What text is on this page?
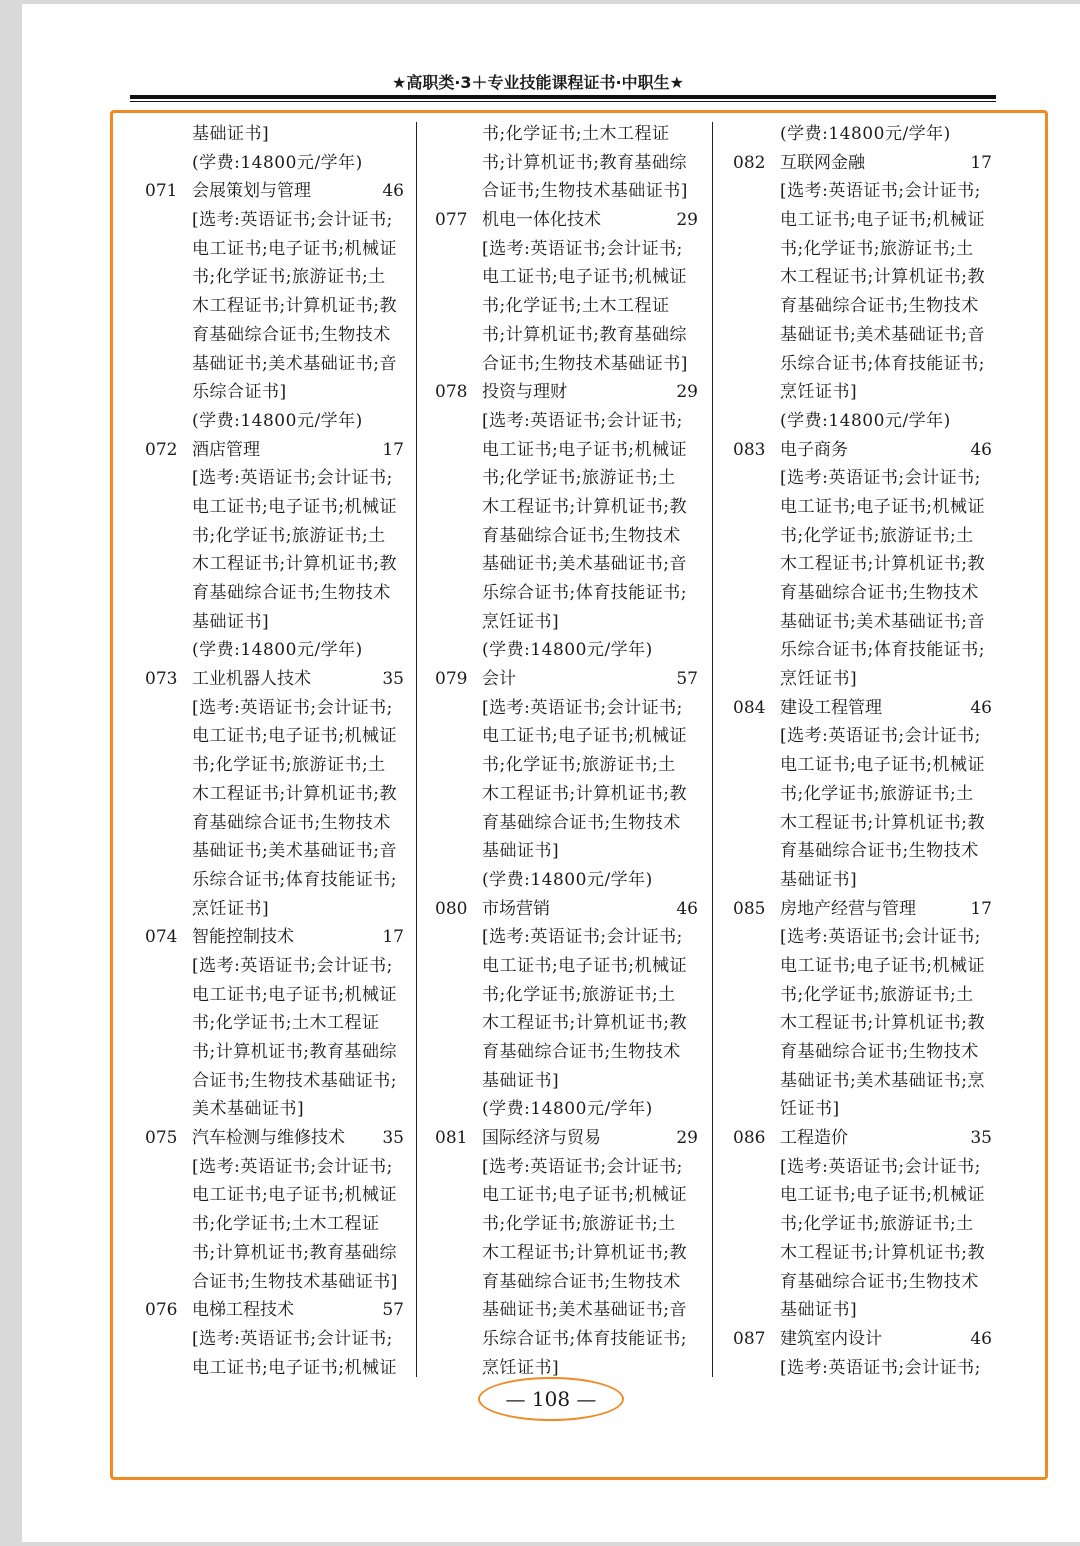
★高职类·3＋专业技能课程证书·中职生★
基础证书]
(学费:14800元/学年)
071 会展策划与管理	46
[选考:英语证书;会计证书;
电工证书;电子证书;机械证
书;化学证书;旅游证书;土
木工程证书;计算机证书;教
育基础综合证书;生物技术
基础证书;美术基础证书;音
乐综合证书]
(学费:14800元/学年)
072 酒店管理	17
[选考:英语证书;会计证书;
电工证书;电子证书;机械证
书;化学证书;旅游证书;土
木工程证书;计算机证书;教
育基础综合证书;生物技术
基础证书]
(学费:14800元/学年)
073 工业机器人技术	35
[选考:英语证书;会计证书;
电工证书;电子证书;机械证
书;化学证书;旅游证书;土
木工程证书;计算机证书;教
育基础综合证书;生物技术
基础证书;美术基础证书;音
乐综合证书;体育技能证书;
烹饪证书]
074 智能控制技术	17
[选考:英语证书;会计证书;
电工证书;电子证书;机械证
书;化学证书;土木工程证
书;计算机证书;教育基础综
合证书;生物技术基础证书;
美术基础证书]
075 汽车检测与维修技术 35
[选考:英语证书;会计证书;
电工证书;电子证书;机械证
书;化学证书;土木工程证
书;计算机证书;教育基础综
合证书;生物技术基础证书]
076 电梯工程技术	57
[选考:英语证书;会计证书;
电工证书;电子证书;机械证
书;化学证书;土木工程证
书;计算机证书;教育基础综
合证书;生物技术基础证书]
077 机电一体化技术	29
[选考:英语证书;会计证书;
电工证书;电子证书;机械证
书;化学证书;土木工程证
书;计算机证书;教育基础综
合证书;生物技术基础证书]
078 投资与理财	29
[选考:英语证书;会计证书;
电工证书;电子证书;机械证
书;化学证书;旅游证书;土
木工程证书;计算机证书;教
育基础综合证书;生物技术
基础证书;美术基础证书;音
乐综合证书;体育技能证书;
烹饪证书]
(学费:14800元/学年)
079 会计	57
[选考:英语证书;会计证书;
电工证书;电子证书;机械证
书;化学证书;旅游证书;土
木工程证书;计算机证书;教
育基础综合证书;生物技术
基础证书]
(学费:14800元/学年)
080 市场营销	46
[选考:英语证书;会计证书;
电工证书;电子证书;机械证
书;化学证书;旅游证书;土
木工程证书;计算机证书;教
育基础综合证书;生物技术
基础证书]
(学费:14800元/学年)
081 国际经济与贸易	29
[选考:英语证书;会计证书;
电工证书;电子证书;机械证
书;化学证书;旅游证书;土
木工程证书;计算机证书;教
育基础综合证书;生物技术
基础证书;美术基础证书;音
乐综合证书;体育技能证书;
烹饪证书]
(学费:14800元/学年)
082 互联网金融	17
[选考:英语证书;会计证书;
电工证书;电子证书;机械证
书;化学证书;旅游证书;土
木工程证书;计算机证书;教
育基础综合证书;生物技术
基础证书;美术基础证书;音
乐综合证书;体育技能证书;
烹饪证书]
(学费:14800元/学年)
083 电子商务	46
[选考:英语证书;会计证书;
电工证书;电子证书;机械证
书;化学证书;旅游证书;土
木工程证书;计算机证书;教
育基础综合证书;生物技术
基础证书;美术基础证书;音
乐综合证书;体育技能证书;
烹饪证书]
084 建设工程管理	46
[选考:英语证书;会计证书;
电工证书;电子证书;机械证
书;化学证书;旅游证书;土
木工程证书;计算机证书;教
育基础综合证书;生物技术
基础证书]
085 房地产经营与管理	17
[选考:英语证书;会计证书;
电工证书;电子证书;机械证
书;化学证书;旅游证书;土
木工程证书;计算机证书;教
育基础综合证书;生物技术
基础证书;美术基础证书;烹
饪证书]
086 工程造价	35
[选考:英语证书;会计证书;
电工证书;电子证书;机械证
书;化学证书;旅游证书;土
木工程证书;计算机证书;教
育基础综合证书;生物技术
基础证书]
087 建筑室内设计	46
[选考:英语证书;会计证书;
— 108 —
